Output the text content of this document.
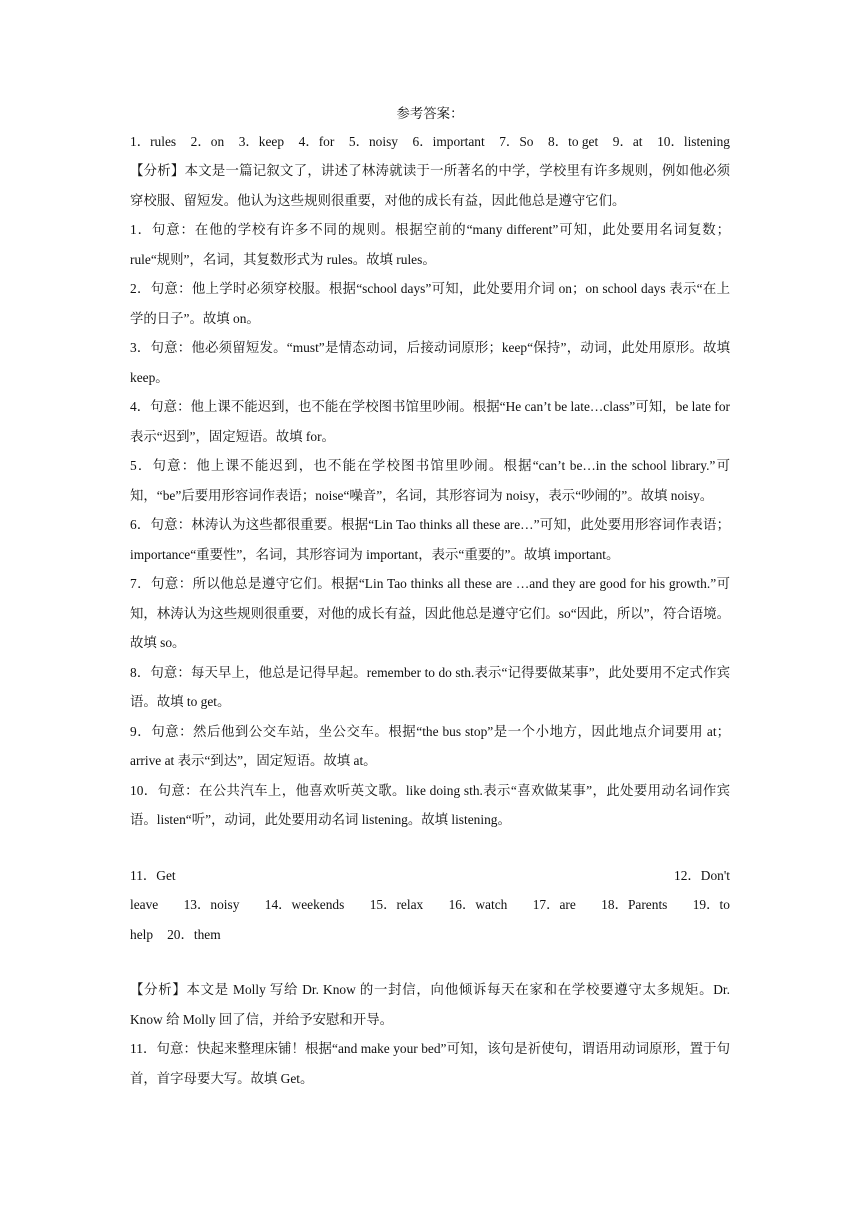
参考答案：
1．rules 2．on 3．keep 4．for 5．noisy 6．important 7．So 8．to get 9．at 10．listening

【分析】本文是一篇记叙文了，讲述了林涛就读于一所著名的中学，学校里有许多规则，例如他必须穿校服、留短发。他认为这些规则很重要，对他的成长有益，因此他总是遵守它们。

1．句意：在他的学校有许多不同的规则。根据空前的“many different”可知，此处要用名词复数；rule“规则”，名词，其复数形式为 rules。故填 rules。

2．句意：他上学时必须穿校服。根据“school days”可知，此处要用介词 on；on school days 表示“在上学的日子”。故填 on。

3．句意：他必须留短发。“must”是情态动词，后接动词原形；keep“保持”，动词，此处用原形。故填 keep。

4．句意：他上课不能迟到，也不能在学校图书馆里吵闹。根据“He can’t be late…class”可知，be late for 表示“迟到”，固定短语。故填 for。

5．句意：他上课不能迟到，也不能在学校图书馆里吵闹。根据“can’t be…in the school library.”可知，“be”后要用形容词作表语；noise“噪音”，名词，其形容词为 noisy，表示“吵闹的”。故填 noisy。

6．句意：林涛认为这些都很重要。根据“Lin Tao thinks all these are…”可知，此处要用形容词作表语；importance“重要性”，名词，其形容词为 important，表示“重要的”。故填 important。

7．句意：所以他总是遵守它们。根据“Lin Tao thinks all these are …and they are good for his growth.”可知，林涛认为这些规则很重要，对他的成长有益，因此他总是遵守它们。so“因此，所以”，符合语境。故填 so。

8．句意：每天早上，他总是记得早起。remember to do sth.表示“记得要做某事”，此处要用不定式作宾语。故填 to get。

9．句意：然后他到公交车站，坐公交车。根据“the bus stop”是一个小地方，因此地点介词要用 at；arrive at 表示“到达”，固定短语。故填 at。

10．句意：在公共汽车上，他喜欢听英文歌。like doing sth.表示“喜欢做某事”，此处要用动名词作宾语。listen“听”，动词，此处要用动名词 listening。故填 listening。

11 ． Get	12 ． Don't
leave 13．noisy 14．weekends 15．relax 16．watch 17．are 18．Parents 19．to
help 20．them

【分析】本文是 Molly 写给 Dr. Know 的一封信，向他倾诉每天在家和在学校要遵守太多规矩。Dr. Know 给 Molly 回了信，并给予安慰和开导。

11．句意：快起来整理床铺！根据“and make your bed”可知，该句是祈使句，谓语用动词原形，置于句首，首字母要大写。故填 Get。
